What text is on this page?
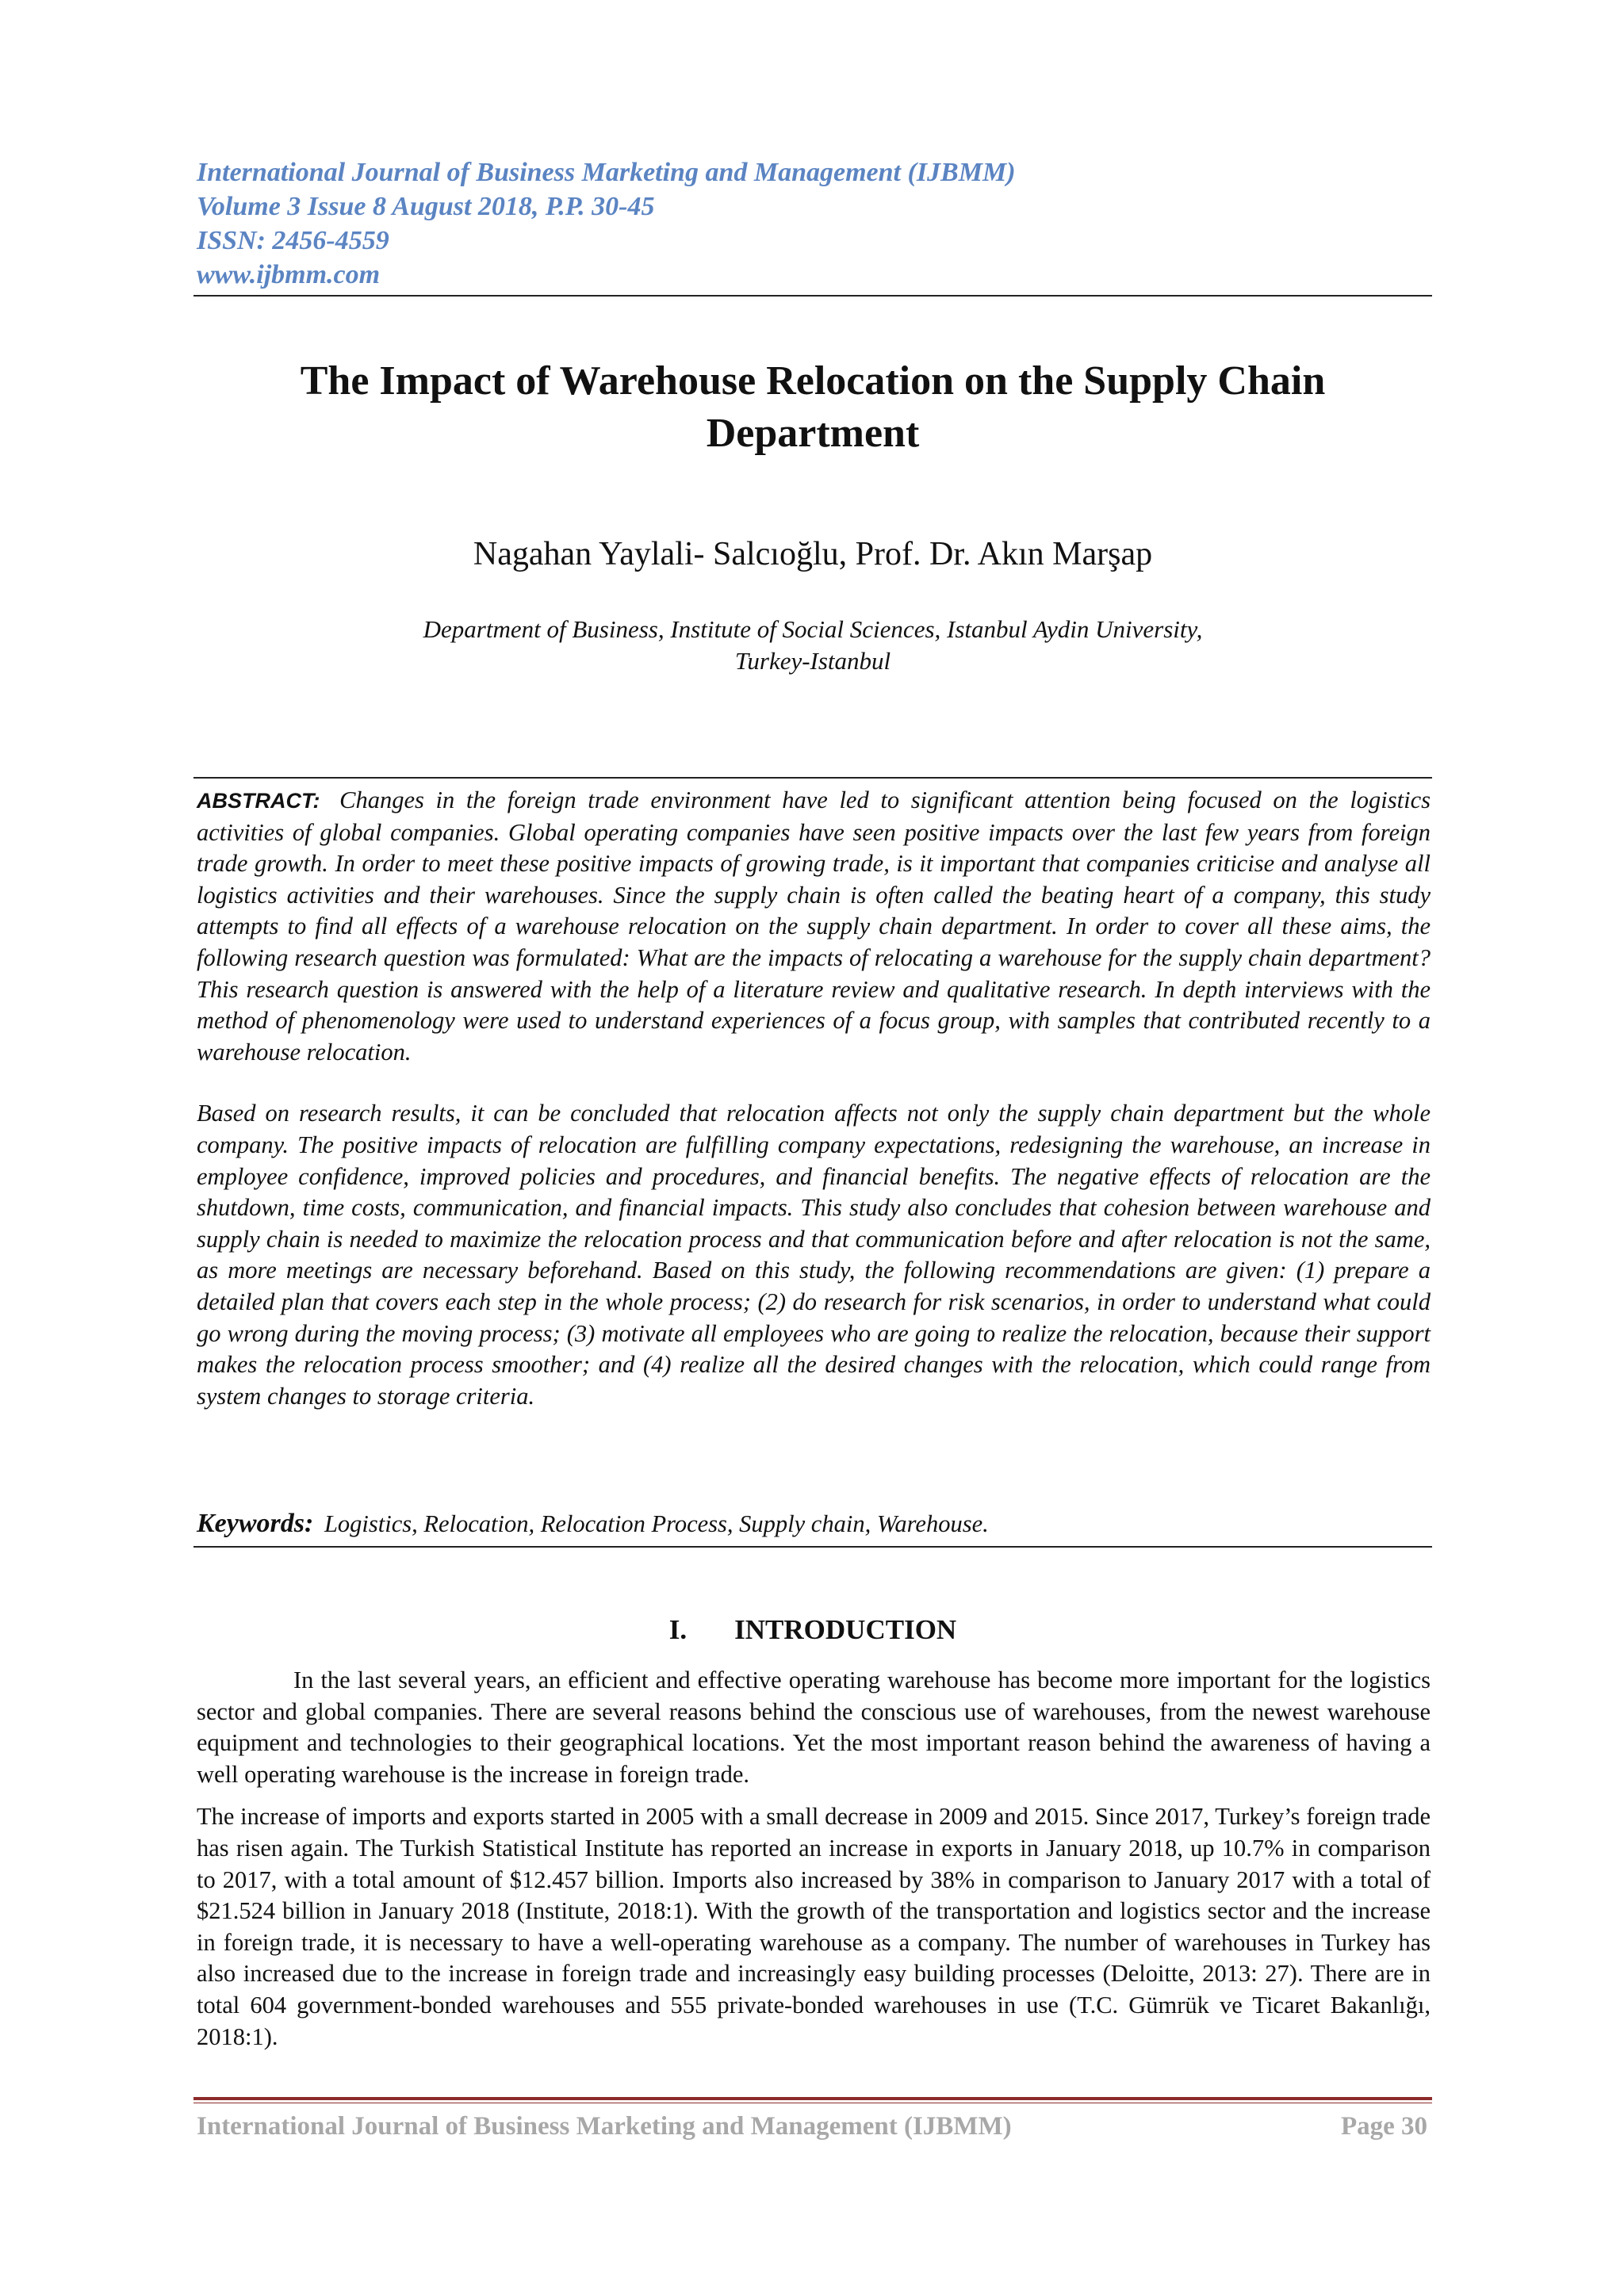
International Journal of Business Marketing and Management (IJBMM)
Volume 3 Issue 8 August 2018, P.P. 30-45
ISSN: 2456-4559
www.ijbmm.com
The Impact of Warehouse Relocation on the Supply Chain
Department
Nagahan Yaylali- Salcıoğlu, Prof. Dr. Akın Marşap
Department of Business, Institute of Social Sciences, Istanbul Aydin University,
Turkey-Istanbul

ABSTRACT: Changes in the foreign trade environment have led to significant attention being focused on the logistics activities of global companies. Global operating companies have seen positive impacts over the last few years from foreign trade growth. In order to meet these positive impacts of growing trade, is it important that companies criticise and analyse all logistics activities and their warehouses. Since the supply chain is often called the beating heart of a company, this study attempts to find all effects of a warehouse relocation on the supply chain department. In order to cover all these aims, the following research question was formulated: What are the impacts of relocating a warehouse for the supply chain department? This research question is answered with the help of a literature review and qualitative research. In depth interviews with the method of phenomenology were used to understand experiences of a focus group, with samples that contributed recently to a warehouse relocation.

Based on research results, it can be concluded that relocation affects not only the supply chain department but the whole company. The positive impacts of relocation are fulfilling company expectations, redesigning the warehouse, an increase in employee confidence, improved policies and procedures, and financial benefits. The negative effects of relocation are the shutdown, time costs, communication, and financial impacts. This study also concludes that cohesion between warehouse and supply chain is needed to maximize the relocation process and that communication before and after relocation is not the same, as more meetings are necessary beforehand. Based on this study, the following recommendations are given: (1) prepare a detailed plan that covers each step in the whole process; (2) do research for risk scenarios, in order to understand what could go wrong during the moving process; (3) motivate all employees who are going to realize the relocation, because their support makes the relocation process smoother; and (4) realize all the desired changes with the relocation, which could range from system changes to storage criteria.

Keywords: Logistics, Relocation, Relocation Process, Supply chain, Warehouse.
I. INTRODUCTION

In the last several years, an efficient and effective operating warehouse has become more important for the logistics sector and global companies. There are several reasons behind the conscious use of warehouses, from the newest warehouse equipment and technologies to their geographical locations. Yet the most important reason behind the awareness of having a well operating warehouse is the increase in foreign trade.

The increase of imports and exports started in 2005 with a small decrease in 2009 and 2015. Since 2017, Turkey’s foreign trade has risen again. The Turkish Statistical Institute has reported an increase in exports in January 2018, up 10.7% in comparison to 2017, with a total amount of $12.457 billion. Imports also increased by 38% in comparison to January 2017 with a total of $21.524 billion in January 2018 (Institute, 2018:1). With the growth of the transportation and logistics sector and the increase in foreign trade, it is necessary to have a well-operating warehouse as a company. The number of warehouses in Turkey has also increased due to the increase in foreign trade and increasingly easy building processes (Deloitte, 2013: 27). There are in total 604 government-bonded warehouses and 555 private-bonded warehouses in use (T.C. Gümrük ve Ticaret Bakanlığı, 2018:1).

International Journal of Business Marketing and Management (IJBMM)	Page 30
